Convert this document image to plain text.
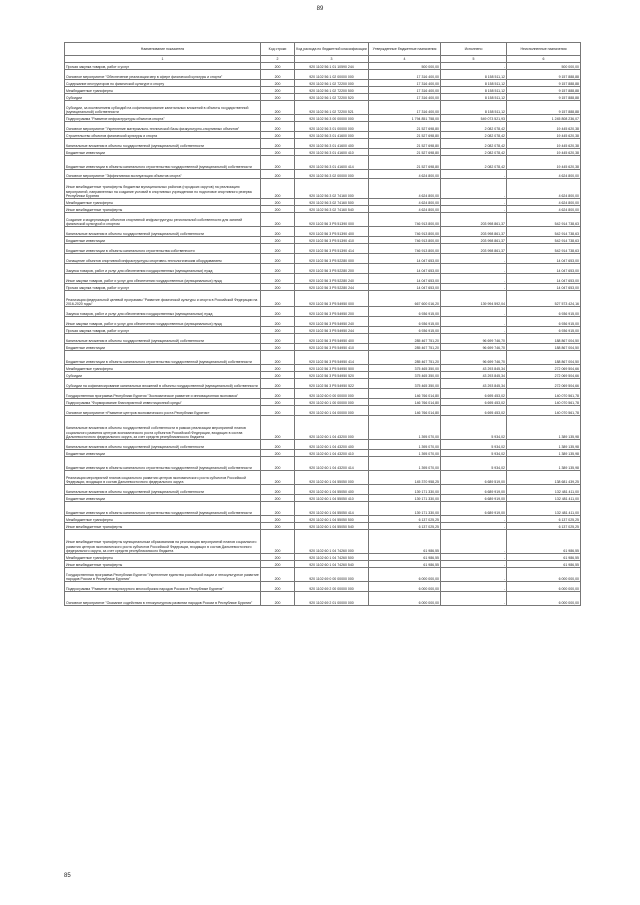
89
Наименование показателя	Код строки	Код расхода по бюджетной классификации	Утвержденные бюджетные назначения	Исполнено	Неисполненные назначения
1	2	3	4	5	6
Прочая закупка товаров, работ и услуг	200	920 1102 56 1 01 10590 244	500 000,00	-	500 000,00
Основное мероприятие "Обеспечение реализации мер в сфере физической культуры и спорта"	200	920 1102 56 1 02 00000 000	17 316 400,00	8 158 511,12	9 157 888,88
Содержание инструкторов по физической культуре и спорту	200	920 1102 56 1 02 72200 000	17 316 400,00	8 158 511,12	9 157 888,88
Межбюджетные трансферты	200	920 1102 56 1 02 72200 500	17 316 400,00	8 158 511,12	9 157 888,88
Субсидии	200	920 1102 56 1 02 72200 520	17 316 400,00	8 158 511,12	9 157 888,88
Субсидии, за исключением субсидий на софинансирование капитальных вложений в объекты государственной (муниципальной) собственности	200	920 1102 56 1 02 72200 521	17 316 400,00	8 158 511,12	9 157 888,88
Подпрограмма "Развитие инфраструктуры объектов спорта"	200	920 1102 56 3 00 00000 000	1 794 851 758,00	549 073 521,93	1 245 808 236,07
Основное мероприятие "Укрепление материально-технической базы физкультурно-спортивных объектов"	200	920 1102 56 3 01 00000 000	21 527 698,80	2 082 078,42	19 445 620,38
Строительство объектов физической культуры и спорта	200	920 1102 56 3 01 41600 000	21 527 698,80	2 082 078,42	19 445 620,38
Капитальные вложения в объекты государственной (муниципальной) собственности	200	920 1102 56 3 01 41600 400	21 527 698,80	2 082 078,42	19 445 620,38
Бюджетные инвестиции	200	920 1102 56 3 01 41600 410	21 527 698,80	2 082 078,42	19 445 620,38
Бюджетные инвестиции в объекты капитального строительства государственной (муниципальной) собственности	200	920 1102 56 3 01 41600 414	21 527 698,80	2 082 078,42	19 445 620,38
Основное мероприятие "Эффективная эксплуатация объектов спорта"	200	920 1102 56 3 02 00000 000	4 624 800,00	-	4 624 800,00
Иные межбюджетные трансферты бюджетам муниципальных районов (городских округов) на реализацию мероприятий, направленных на создание условий в спортивных учреждениях по подготовке спортивного резерва Республики Бурятия	200	920 1102 56 3 02 74160 000	4 624 800,00	-	4 624 800,00
Межбюджетные трансферты	200	920 1102 56 3 02 74160 500	4 624 800,00	-	4 624 800,00
Иные межбюджетные трансферты	200	920 1102 56 3 02 74160 540	4 624 800,00	-	4 624 800,00
Создание и модернизация объектов спортивной инфраструктуры региональной собственности для занятий физической культурой и спортом	200	920 1102 56 3 P5 51390 000	746 913 800,00	203 998 861,37	542 914 738,63
Капитальные вложения в объекты государственной (муниципальной) собственности	200	920 1102 56 3 P5 51390 400	746 913 800,00	203 998 861,37	542 914 738,63
Бюджетные инвестиции	200	920 1102 56 3 P5 51390 410	746 913 800,00	203 998 861,37	542 914 738,63
Бюджетные инвестиции в объекты капитального строительства собственности	200	920 1102 56 3 P5 51390 414	746 913 800,00	203 998 861,37	542 914 738,63
Оснащение объектов спортивной инфраструктуры спортивно-технологическим оборудованием	200	920 1102 56 3 P5 52280 000	14 047 653,00	-	14 047 653,00
Закупка товаров, работ и услуг для обеспечения государственных (муниципальных) нужд	200	920 1102 56 3 P5 52280 200	14 047 653,00	-	14 047 653,00
Иные закупки товаров, работ и услуг для обеспечения государственных (муниципальных) нужд	200	920 1102 56 3 P5 52280 240	14 047 653,00	-	14 047 653,00
Прочая закупка товаров, работ и услуг	200	920 1102 56 3 P5 52280 244	14 047 653,00	-	14 047 653,00
Реализация федеральной целевой программы "Развитие физической культуры и спорта в Российской Федерации на 2016-2020 годы"	200	920 1102 56 3 P5 54950 000	667 600 016,20	139 994 592,04	527 573 424,16
Закупка товаров, работ и услуг для обеспечения государственных (муниципальных) нужд	200	920 1102 56 3 P5 54950 200	6 936 915,00	-	6 936 915,00
Иные закупки товаров, работ и услуг для обеспечения государственных (муниципальных) нужд	200	920 1102 56 3 P5 54950 240	6 936 915,00	-	6 936 915,00
Прочая закупка товаров, работ и услуг	200	920 1102 56 3 P5 54950 244	6 936 915,00	-	6 936 915,00
Капитальные вложения в объекты государственной (муниципальной) собственности	200	920 1102 56 3 P5 54950 400	285 467 751,20	96 699 746,70	188 867 004,50
Бюджетные инвестиции	200	920 1102 56 3 P5 54950 410	285 467 751,20	96 699 746,70	188 867 004,50
Бюджетные инвестиции в объекты капитального строительства государственной (муниципальной) собственности	200	920 1102 56 3 P5 54950 414	285 467 751,20	96 699 746,70	188 867 004,50
Межбюджетные трансферты	200	920 1102 56 3 P5 54950 500	375 465 350,00	43 293 845,34	272 069 504,66
Субсидии	200	920 1102 56 3 P5 54950 520	375 465 350,00	43 293 845,34	272 069 504,66
Субсидии на софинансирование капитальных вложений в объекты государственной (муниципальной) собственности	200	920 1102 56 3 P5 54950 522	375 465 350,00	43 293 845,34	272 069 504,66
Государственная программа Республики Бурятия "Экономическое развитие и инновационная экономика"	200	920 1102 60 0 00 00000 000	146 766 014,80	6 695 453,02	140 070 561,78
Подпрограмма "Формирование благоприятной инвестиционной среды"	200	920 1102 60 1 00 00000 000	146 766 014,80	6 695 453,02	140 070 561,78
Основное мероприятие «Развитие центров экономического роста Республики Бурятия»	200	920 1102 60 1 04 00000 000	146 766 014,80	6 695 453,02	140 070 561,78
Капитальные вложения в объекты государственной собственности в рамках реализации мероприятий планов социального развития центров экономического роста субъектов Российской Федерации, входящих в состав Дальневосточного федерального округа, за счет средств республиканского бюджета	200	920 1102 60 1 04 43200 000	1 395 070,00	5 934,02	1 389 135,98
Капитальные вложения в объекты государственной (муниципальной) собственности	200	920 1102 60 1 04 43200 400	1 395 070,00	5 934,02	1 389 135,98
Бюджетные инвестиции	200	920 1102 60 1 04 43200 410	1 395 070,00	5 934,02	1 389 135,98
Бюджетные инвестиции в объекты капитального строительства государственной (муниципальной) собственности	200	920 1102 60 1 04 43200 414	1 395 070,00	5 934,02	1 389 135,98
Реализация мероприятий планов социального развития центров экономического роста субъектов Российской Федерации, входящих в состав Дальневосточного федерального округа	200	920 1102 60 1 04 55050 000	145 370 958,25	6 689 519,00	138 681 439,25
Капитальные вложения в объекты государственной (муниципальной) собственности	200	920 1102 60 1 04 55050 400	139 171 330,00	6 689 919,00	132 481 411,00
Бюджетные инвестиции	200	920 1102 60 1 04 55050 410	139 171 330,00	6 689 919,00	132 481 411,00
Бюджетные инвестиции в объекты капитального строительства государственной (муниципальной) собственности	200	920 1102 60 1 04 55050 414	139 171 330,00	6 689 919,00	132 481 411,00
Межбюджетные трансферты	200	920 1102 60 1 04 55050 500	6 137 025,25	-	6 137 025,25
Иные межбюджетные трансферты	200	920 1102 60 1 04 55050 540	6 137 025,25	-	6 137 025,25
Иные межбюджетные трансферты муниципальным образованиям на реализацию мероприятий планов социального развития центров экономического роста субъектов Российской Федерации, входящих в состав Дальневосточного федерального округа, за счет средств республиканского бюджета	200	920 1102 60 1 04 74260 000	61 986,55	-	61 986,55
Межбюджетные трансферты	200	920 1102 60 1 04 74260 500	61 986,55	-	61 986,55
Иные межбюджетные трансферты	200	920 1102 60 1 04 74260 540	61 986,55	-	61 986,55
Государственная программа Республики Бурятия "Укрепление единства российской нации и этнокультурное развитие народов России в Республике Бурятия"	200	920 1102 69 0 00 00000 000	6 000 000,00	-	6 000 000,00
Подпрограмма "Развитие этнокультурного многообразия народов России в Республике Бурятия"	200	920 1102 69 2 00 00000 000	6 000 000,00	-	6 000 000,00
Основное мероприятие "Оказание содействия в этнокультурном развитии народов России в Республике Бурятия"	200	920 1102 69 2 01 00000 000	6 000 000,00	-	6 000 000,00
85
